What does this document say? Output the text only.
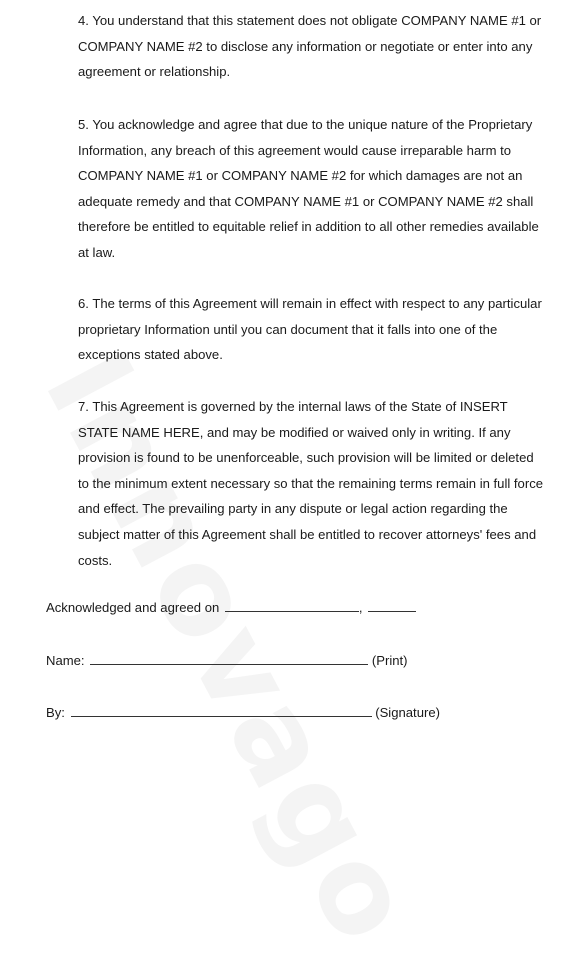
4. You understand that this statement does not obligate COMPANY NAME #1 or COMPANY NAME #2 to disclose any information or negotiate or enter into any agreement or relationship.

5. You acknowledge and agree that due to the unique nature of the Proprietary Information, any breach of this agreement would cause irreparable harm to COMPANY NAME #1 or COMPANY NAME #2 for which damages are not an adequate remedy and that COMPANY NAME #1 or COMPANY NAME #2 shall therefore be entitled to equitable relief in addition to all other remedies available at law.

6. The terms of this Agreement will remain in effect with respect to any particular proprietary Information until you can document that it falls into one of the exceptions stated above.

7. This Agreement is governed by the internal laws of the State of INSERT STATE NAME HERE, and may be modified or waived only in writing. If any provision is found to be unenforceable, such provision will be limited or deleted to the minimum extent necessary so that the remaining terms remain in full force and effect. The prevailing party in any dispute or legal action regarding the subject matter of this Agreement shall be entitled to recover attorneys' fees and costs.

Acknowledged and agreed on	,
Name:	(Print)
By:	(Signature)
